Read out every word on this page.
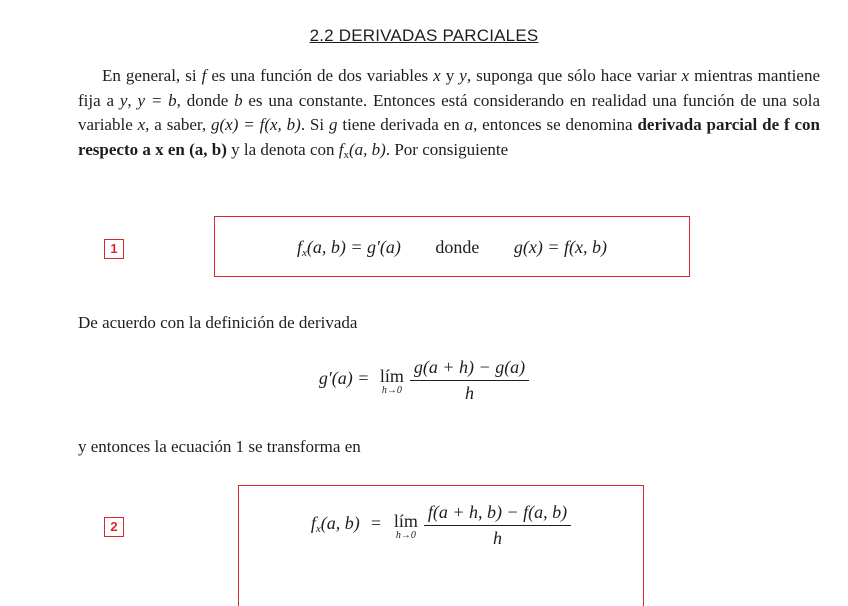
2.2 DERIVADAS PARCIALES

En general, si f es una función de dos variables x y y, suponga que sólo hace variar x mientras mantiene fija a y, y = b, donde b es una constante. Entonces está considerando en realidad una función de una sola variable x, a saber, g(x) = f(x, b). Si g tiene derivada en a, entonces se denomina derivada parcial de f con respecto a x en (a, b) y la denota con $f_x(a$, b). Por consiguiente

1	$f_x(a$, b) = g′(a) donde g(x) = f(x, b)
De acuerdo con la definición de derivada
g′(a) = lím
$h\to 0 \frac{g(a + h) - g(a)}{h}$
y entonces la ecuación 1 se transforma en
2	$f_x(a$, b) = lím
$h\to 0 \frac{f(a + h, b) - f(a, b)}{h}$
